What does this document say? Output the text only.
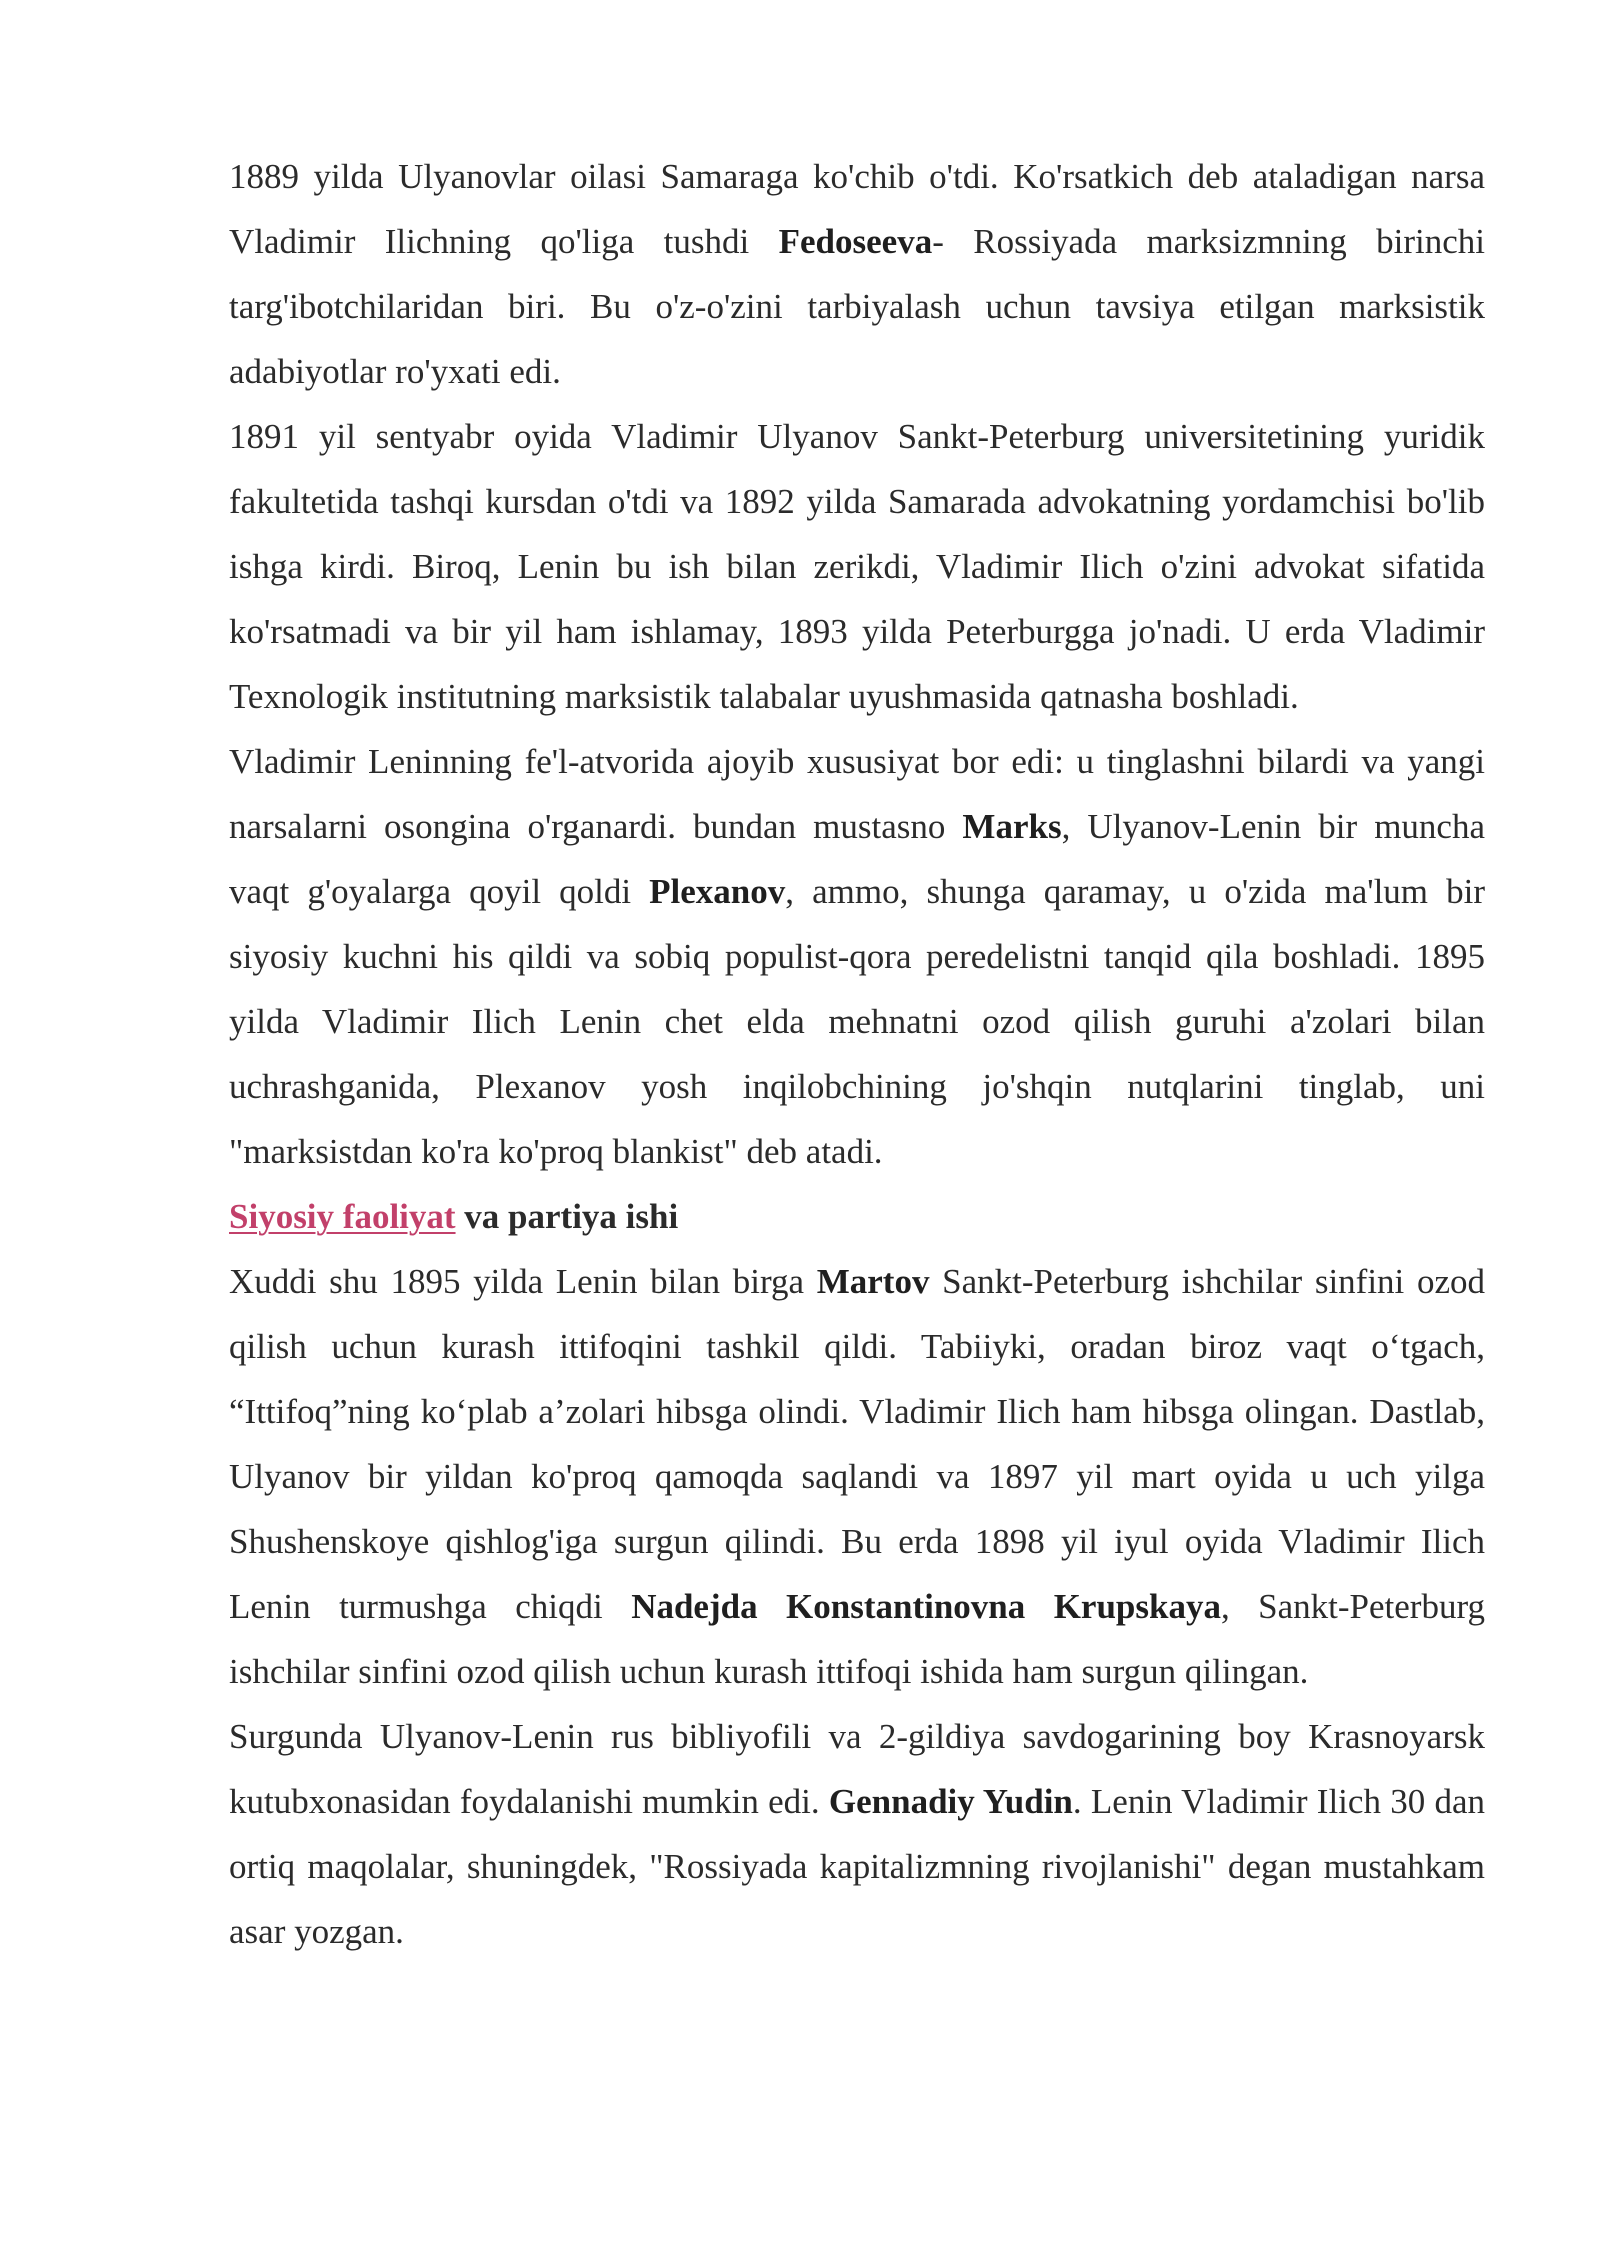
1889 yilda Ulyanovlar oilasi Samaraga ko'chib o'tdi. Ko'rsatkich deb ataladigan narsa Vladimir Ilichning qo'liga tushdi Fedoseeva- Rossiyada marksizmning birinchi targ'ibotchilaridan biri. Bu o'z-o'zini tarbiyalash uchun tavsiya etilgan marksistik adabiyotlar ro'yxati edi.

1891 yil sentyabr oyida Vladimir Ulyanov Sankt-Peterburg universitetining yuridik fakultetida tashqi kursdan o'tdi va 1892 yilda Samarada advokatning yordamchisi bo'lib ishga kirdi. Biroq, Lenin bu ish bilan zerikdi, Vladimir Ilich o'zini advokat sifatida ko'rsatmadi va bir yil ham ishlamay, 1893 yilda Peterburgga jo'nadi. U erda Vladimir Texnologik institutning marksistik talabalar uyushmasida qatnasha boshladi.

Vladimir Leninning fe'l-atvorida ajoyib xususiyat bor edi: u tinglashni bilardi va yangi narsalarni osongina o'rganardi. bundan mustasno Marks, Ulyanov-Lenin bir muncha vaqt g'oyalarga qoyil qoldi Plexanov, ammo, shunga qaramay, u o'zida ma'lum bir siyosiy kuchni his qildi va sobiq populist-qora peredelistni tanqid qila boshladi. 1895 yilda Vladimir Ilich Lenin chet elda mehnatni ozod qilish guruhi a'zolari bilan uchrashganida, Plexanov yosh inqilobchining jo'shqin nutqlarini tinglab, uni "marksistdan ko'ra ko'proq blankist" deb atadi.

Siyosiy faoliyat va partiya ishi

Xuddi shu 1895 yilda Lenin bilan birga Martov Sankt-Peterburg ishchilar sinfini ozod qilish uchun kurash ittifoqini tashkil qildi. Tabiiyki, oradan biroz vaqt o‘tgach, “Ittifoq”ning ko‘plab a’zolari hibsga olindi. Vladimir Ilich ham hibsga olingan. Dastlab, Ulyanov bir yildan ko'proq qamoqda saqlandi va 1897 yil mart oyida u uch yilga Shushenskoye qishlog'iga surgun qilindi. Bu erda 1898 yil iyul oyida Vladimir Ilich Lenin turmushga chiqdi Nadejda Konstantinovna Krupskaya, Sankt-Peterburg ishchilar sinfini ozod qilish uchun kurash ittifoqi ishida ham surgun qilingan.

Surgunda Ulyanov-Lenin rus bibliyofili va 2-gildiya savdogarining boy Krasnoyarsk kutubxonasidan foydalanishi mumkin edi. Gennadiy Yudin. Lenin Vladimir Ilich 30 dan ortiq maqolalar, shuningdek, "Rossiyada kapitalizmning rivojlanishi" degan mustahkam asar yozgan.
